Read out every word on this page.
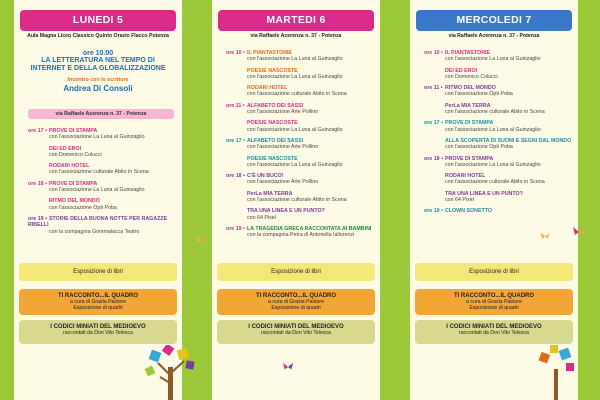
LUNEDI 5
Aula Magna Liceo Classico Quinto Orazio Flacco Potenza
ore 10.00
LA LETTERATURA NEL TEMPO DI INTERNET E DELLA GLOBALIZZAZIONE
Incontro con lo scrittore
Andrea Di Consoli
via Raffaele Acerenza n. 37 - Potenza
ore 17 • PROVE DI STAMPA
con l'associazione La Luna al Guinzaglio
DEI ED EROI
con Domenico Colucci
RODARI HOTEL
con l'associazione culturale Abito in Scena
ore 18 • PROVE DI STAMPA
con l'associazione La Luna al Guinzaglio
RITMO DEL MONDO
con l'associazione Opti Poba
ore 19 • STORIE DELLA BUONA NOTTE PER RAGAZZE RIBELLI
con la compagnia Gommalacca Teatro
Esposizione di libri
TI RACCONTO...IL QUADRO
a cura di Grazia Pastore
Esposizione di quadri
I CODICI MINIATI DEL MEDIOEVO
raccontati da Don Vito Telesca
MARTEDI 6
via Raffaele Acerenza n. 37 - Potenza
ore 10 • IL PIANTASTORIE
con l'associazione La Luna al Guinzaglio
POESIE NASCOSTE
con l'associazione La Luna al Guinzaglio
RODARI HOTEL
con l'associazione culturale Abito in Scena
ore 11 • ALFABETO DEI SASSI
con l'associazione Arte Pollino
POESIE NASCOSTE
con l'associazione La Luna al Guinzaglio
ore 17 • ALFABETO DEI SASSI
con l'associazione Arte Pollino
POESIE NASCOSTE
con l'associazione La Luna al Guinzaglio
ore 18 • C'È UN BUCO!
con l'associazione Arte Pollino
PerLa MIA TERRA
con l'associazione culturale Abito in Scena
TRA UNA LINEA E UN PUNTO?
con 64 Pixel
ore 19 • LA TRAGEDIA GRECA RACCONTATA AI BAMBINI
con la compagnia Petra di Antonella Iallorenzi
Esposizione di libri
TI RACCONTO...IL QUADRO
a cura di Grazia Pastore
Esposizione di quadri
I CODICI MINIATI DEL MEDIOEVO
raccontati da Don Vito Telesca
MERCOLEDI 7
via Raffaele Acerenza n. 37 - Potenza
ore 10 • IL PIANTASTORIE
con l'associazione La Luna al Guinzaglio
DEI ED EROI
con Domenico Colucci
ore 11 • RITMO DEL MONDO
con l'associazione Opti Poba
PerLa MIA TERRA
con l'associazione culturale Abito in Scena
ore 17 • PROVE DI STAMPA
con l'associazione La Luna al Guinzaglio
ALLA SCOPERTA DI SUONI E SEGNI DAL MONDO
con l'associazione Opti Poba
ore 18 • PROVE DI STAMPA
con l'associazione La Luna al Guinzaglio
RODARI HOTEL
con l'associazione culturale Abito in Scena
TRA UNA LINEA E UN PUNTO?
con 64 Pixel
ore 19 • CLOWN SONETTO
Esposizione di libri
TI RACCONTO...IL QUADRO
a cura di Grazia Pastore
Esposizione di quadri
I CODICI MINIATI DEL MEDIOEVO
raccontati da Don Vito Telesca
